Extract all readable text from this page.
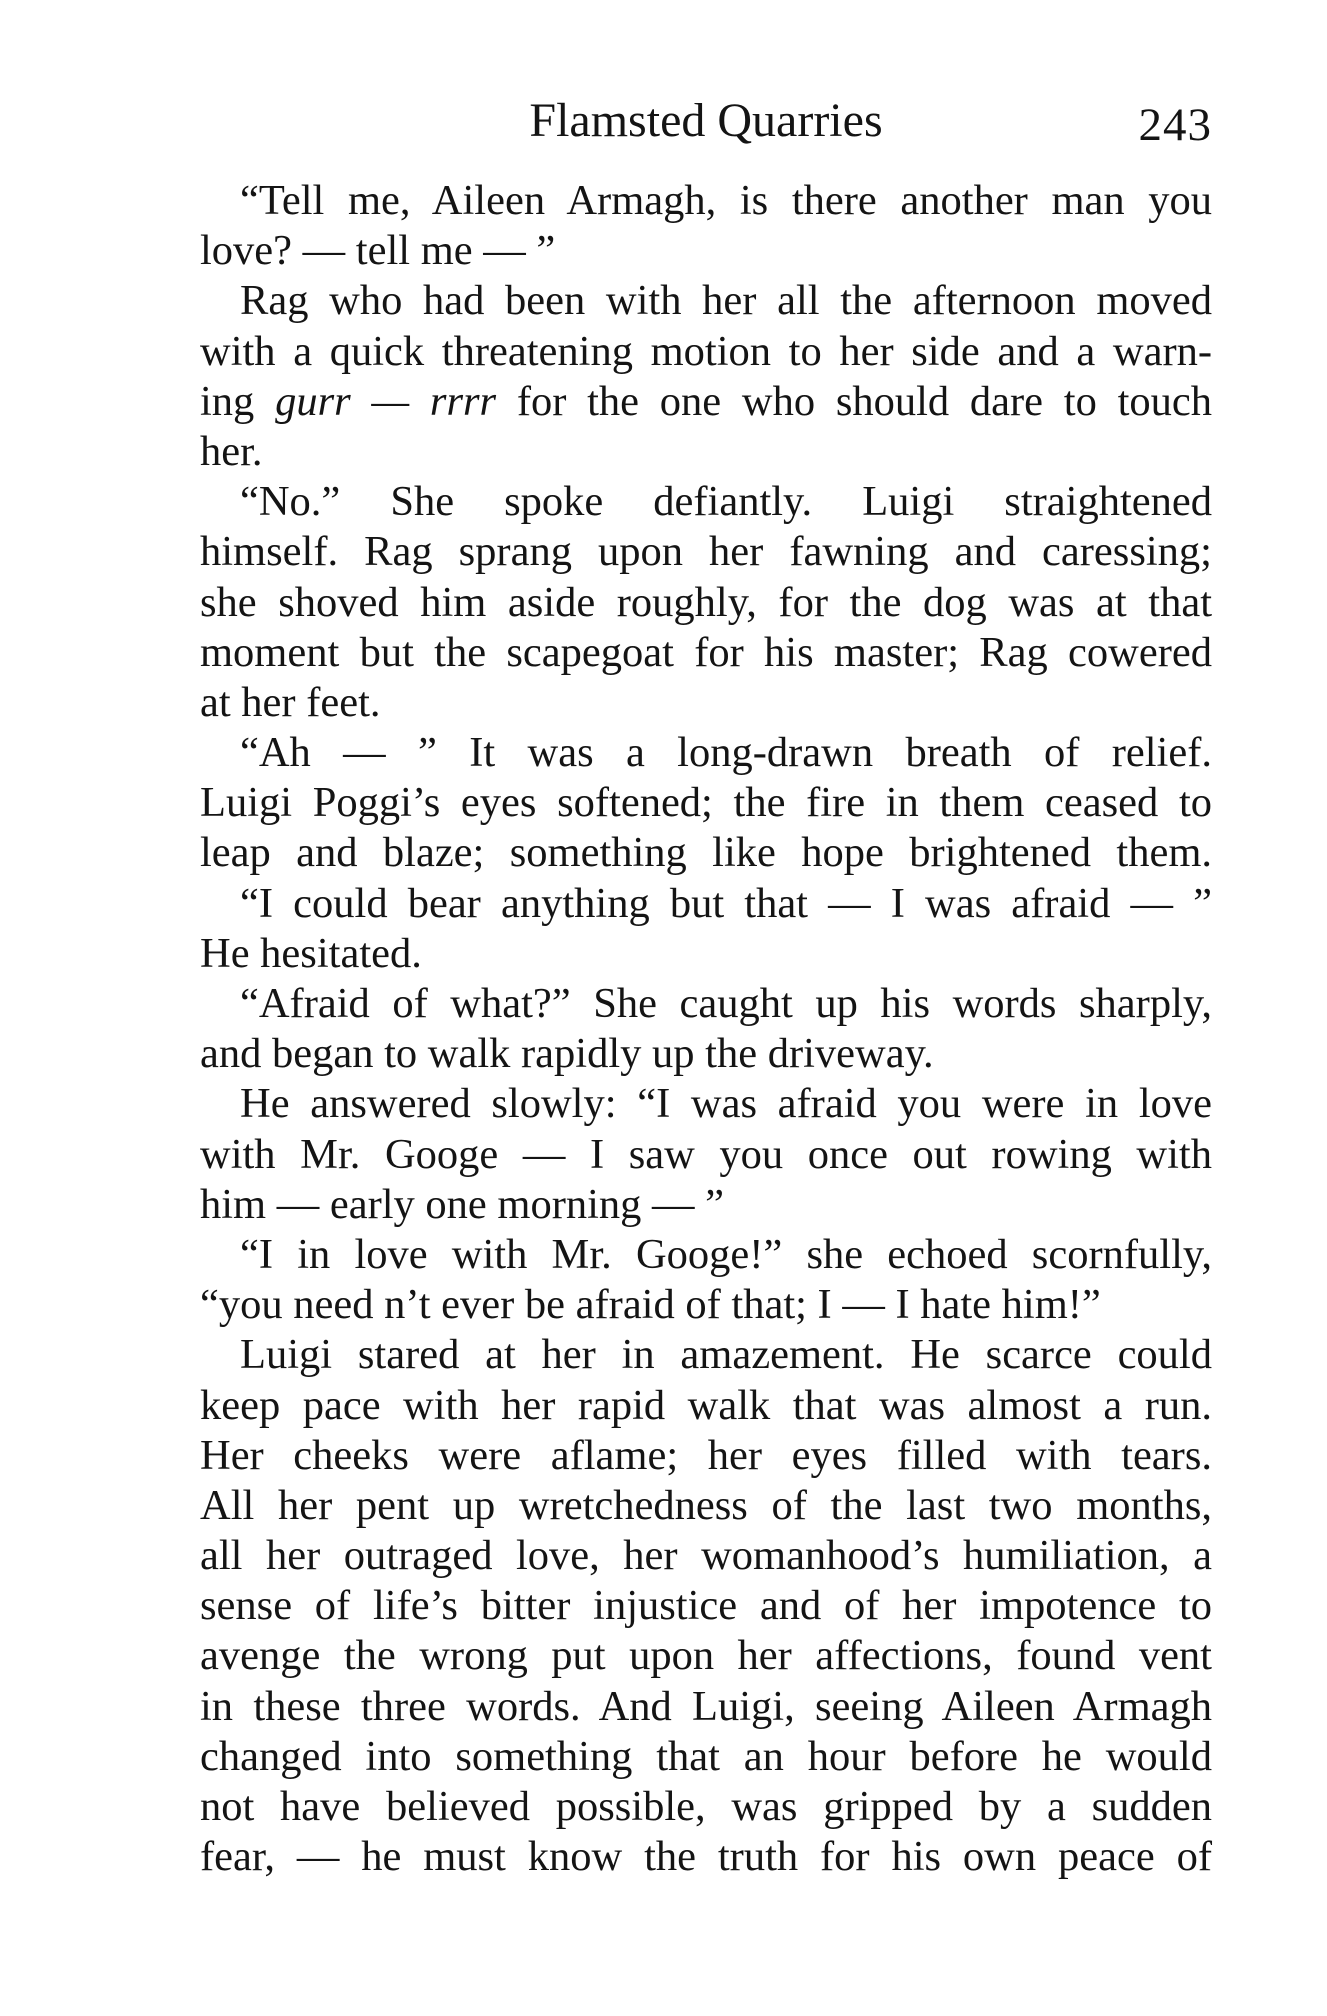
Flamsted Quarries	243
“Tell me, Aileen Armagh, is there another man you
love? — tell me — ”
Rag who had been with her all the afternoon moved
with a quick threatening motion to her side and a warn-
ing gurr — rrrr for the one who should dare to touch
her.
“No.” She spoke defiantly. Luigi straightened
himself. Rag sprang upon her fawning and caressing;
she shoved him aside roughly, for the dog was at that
moment but the scapegoat for his master; Rag cowered
at her feet.
“Ah — ” It was a long-drawn breath of relief.
Luigi Poggi’s eyes softened; the fire in them ceased to
leap and blaze; something like hope brightened them.
“I could bear anything but that — I was afraid — ”
He hesitated.
“Afraid of what?” She caught up his words sharply,
and began to walk rapidly up the driveway.
He answered slowly: “I was afraid you were in love
with Mr. Googe — I saw you once out rowing with
him — early one morning — ”
“I in love with Mr. Googe!” she echoed scornfully,
“you need n’t ever be afraid of that; I — I hate him!”
Luigi stared at her in amazement. He scarce could
keep pace with her rapid walk that was almost a run.
Her cheeks were aflame; her eyes filled with tears.
All her pent up wretchedness of the last two months,
all her outraged love, her womanhood’s humiliation, a
sense of life’s bitter injustice and of her impotence to
avenge the wrong put upon her affections, found vent
in these three words. And Luigi, seeing Aileen Armagh
changed into something that an hour before he would
not have believed possible, was gripped by a sudden
fear, — he must know the truth for his own peace of
